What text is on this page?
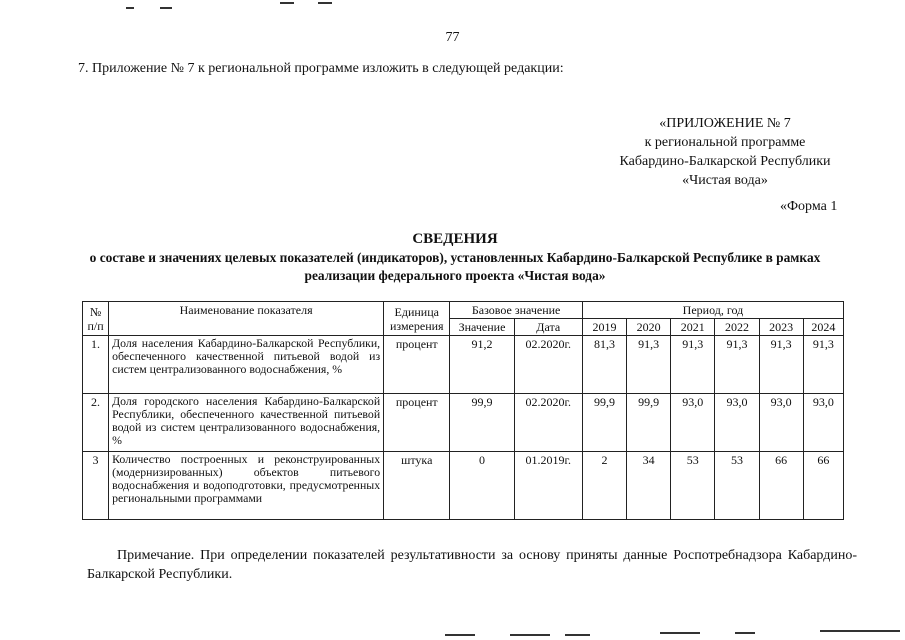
77
7. Приложение № 7 к региональной программе изложить в следующей редакции:
«ПРИЛОЖЕНИЕ № 7
к региональной программе
Кабардино-Балкарской Республики
«Чистая вода»
«Форма 1
СВЕДЕНИЯ
о составе и значениях целевых показателей (индикаторов), установленных Кабардино-Балкарской Республике в рамках реализации федерального проекта «Чистая вода»
№ п/п	Наименование показателя	Единица измерения	Базовое значение		Период, год					
			Значение	Дата	2019	2020	2021	2022	2023	2024
1.	Доля населения Кабардино-Балкарской Республики, обеспеченного качественной питьевой водой из систем централизованного водоснабжения, %	процент	91,2	02.2020г.	81,3	91,3	91,3	91,3	91,3	91,3
2.	Доля городского населения Кабардино-Балкарской Республики, обеспеченного качественной питьевой водой из систем централизованного водоснабжения, %	процент	99,9	02.2020г.	99,9	99,9	93,0	93,0	93,0	93,0
3	Количество построенных и реконструированных (модернизированных) объектов питьевого водоснабжения и водоподготовки, предусмотренных региональными программами	штука	0	01.2019г.	2	34	53	53	66	66
Примечание. При определении показателей результативности за основу приняты данные Роспотребнадзора Кабардино-Балкарской Республики.
